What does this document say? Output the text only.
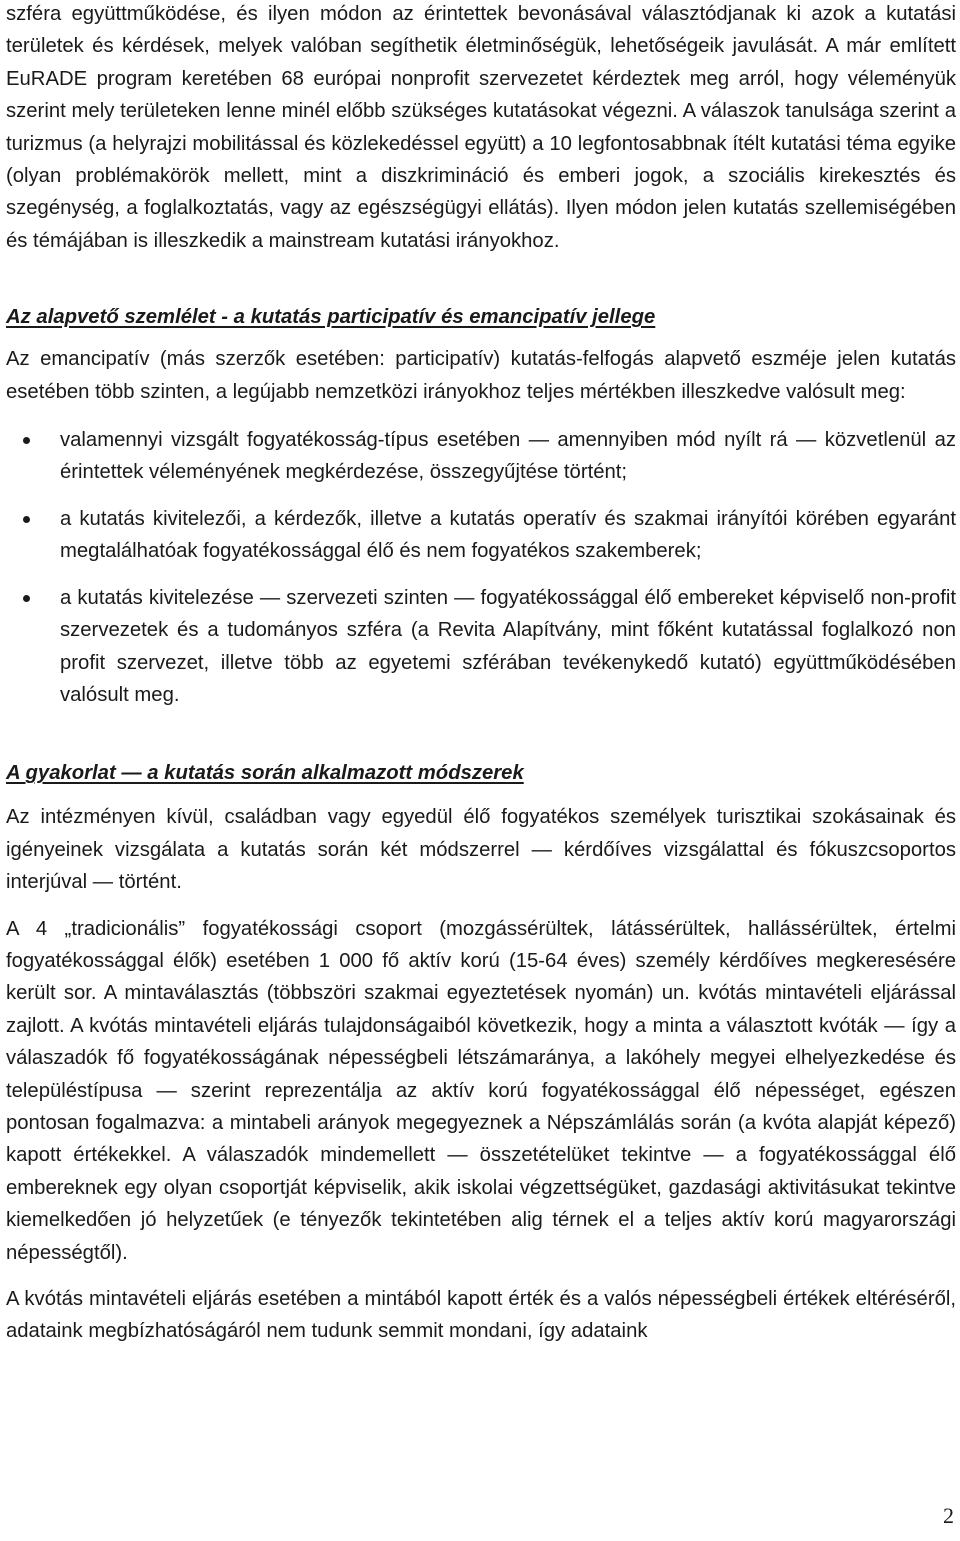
szféra együttműködése, és ilyen módon az érintettek bevonásával választódjanak ki azok a kutatási területek és kérdések, melyek valóban segíthetik életminőségük, lehetőségeik javulását. A már említett EuRADE program keretében 68 európai nonprofit szervezetet kérdeztek meg arról, hogy véleményük szerint mely területeken lenne minél előbb szükséges kutatásokat végezni. A válaszok tanulsága szerint a turizmus (a helyrajzi mobilitással és közlekedéssel együtt) a 10 legfontosabbnak ítélt kutatási téma egyike (olyan problémakörök mellett, mint a diszkrimináció és emberi jogok, a szociális kirekesztés és szegénység, a foglalkoztatás, vagy az egészségügyi ellátás). Ilyen módon jelen kutatás szellemiségében és témájában is illeszkedik a mainstream kutatási irányokhoz.

Az alapvető szemlélet - a kutatás participatív és emancipatív jellege

Az emancipatív (más szerzők esetében: participatív) kutatás-felfogás alapvető eszméje jelen kutatás esetében több szinten, a legújabb nemzetközi irányokhoz teljes mértékben illeszkedve valósult meg:

valamennyi vizsgált fogyatékosság-típus esetében — amennyiben mód nyílt rá — közvetlenül az érintettek véleményének megkérdezése, összegyűjtése történt;
a kutatás kivitelezői, a kérdezők, illetve a kutatás operatív és szakmai irányítói körében egyaránt megtalálhatóak fogyatékossággal élő és nem fogyatékos szakemberek;
a kutatás kivitelezése — szervezeti szinten — fogyatékossággal élő embereket képviselő non-profit szervezetek és a tudományos szféra (a Revita Alapítvány, mint főként kutatással foglalkozó non profit szervezet, illetve több az egyetemi szférában tevékenykedő kutató) együttműködésében valósult meg.

A gyakorlat — a kutatás során alkalmazott módszerek

Az intézményen kívül, családban vagy egyedül élő fogyatékos személyek turisztikai szokásainak és igényeinek vizsgálata a kutatás során két módszerrel — kérdőíves vizsgálattal és fókuszcsoportos interjúval — történt.

A 4 „tradicionális” fogyatékossági csoport (mozgássérültek, látássérültek, hallássérültek, értelmi fogyatékossággal élők) esetében 1 000 fő aktív korú (15-64 éves) személy kérdőíves megkeresésére került sor. A mintaválasztás (többszöri szakmai egyeztetések nyomán) un. kvótás mintavételi eljárással zajlott. A kvótás mintavételi eljárás tulajdonságaiból következik, hogy a minta a választott kvóták — így a válaszadók fő fogyatékosságának népességbeli létszámaránya, a lakóhely megyei elhelyezkedése és településtípusa — szerint reprezentálja az aktív korú fogyatékossággal élő népességet, egészen pontosan fogalmazva: a mintabeli arányok megegyeznek a Népszámlálás során (a kvóta alapját képező) kapott értékekkel. A válaszadók mindemellett — összetételüket tekintve — a fogyatékossággal élő embereknek egy olyan csoportját képviselik, akik iskolai végzettségüket, gazdasági aktivitásukat tekintve kiemelkedően jó helyzetűek (e tényezők tekintetében alig térnek el a teljes aktív korú magyarországi népességtől).

A kvótás mintavételi eljárás esetében a mintából kapott érték és a valós népességbeli értékek eltéréséről, adataink megbízhatóságáról nem tudunk semmit mondani, így adataink

2
